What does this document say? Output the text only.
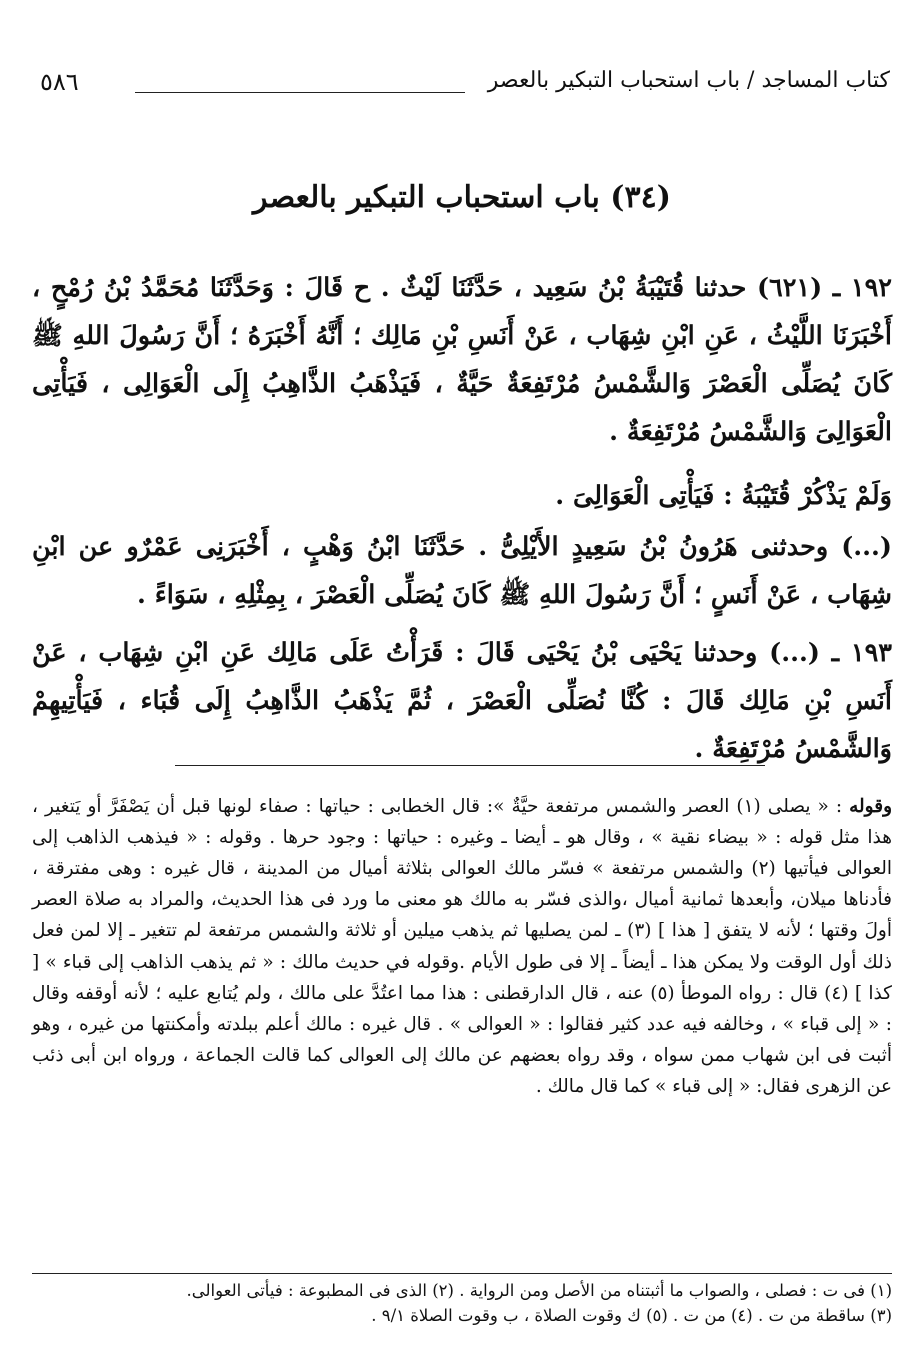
٥٨٦	كتاب المساجد / باب استحباب التبكير بالعصر
(٣٤) باب استحباب التبكير بالعصر

١٩٢ ـ (٦٢١) حدثنا قُتَيْبَةُ بْنُ سَعِيد ، حَدَّثَنَا لَيْثٌ . ح قَالَ : وَحَدَّثَنَا مُحَمَّدُ بْنُ رُمْحٍ ، أَخْبَرَنَا اللَّيْثُ ، عَنِ ابْنِ شِهَاب ، عَنْ أَنَسِ بْنِ مَالِك ؛ أَنَّهُ أَخْبَرَهُ ؛ أَنَّ رَسُولَ اللهِ ﷺ كَانَ يُصَلِّى الْعَصْرَ وَالشَّمْسُ مُرْتَفِعَةٌ حَيَّةٌ ، فَيَذْهَبُ الذَّاهِبُ إِلَى الْعَوَالِى ، فَيَأْتِى الْعَوَالِىَ وَالشَّمْسُ مُرْتَفِعَةٌ .

وَلَمْ يَذْكُرْ قُتَيْبَةُ : فَيَأْتِى الْعَوَالِىَ .

(...) وحدثنى هَرُونُ بْنُ سَعِيدٍ الأَيْلِىُّ . حَدَّثَنَا ابْنُ وَهْبٍ ، أَخْبَرَنِى عَمْرٌو عن ابْنِ شِهَاب ، عَنْ أَنَسٍ ؛ أَنَّ رَسُولَ اللهِ ﷺ كَانَ يُصَلِّى الْعَصْرَ ، بِمِثْلِهِ ، سَوَاءً .

١٩٣ ـ (...) وحدثنا يَحْيَى بْنُ يَحْيَى قَالَ : قَرَأْتُ عَلَى مَالِك عَنِ ابْنِ شِهَاب ، عَنْ أَنَسِ بْنِ مَالِك قَالَ : كُنَّا نُصَلِّى الْعَصْرَ ، ثُمَّ يَذْهَبُ الذَّاهِبُ إِلَى قُبَاء ، فَيَأْتِيهِمْ وَالشَّمْسُ مُرْتَفِعَةٌ .

وقوله : « يصلى (١) العصر والشمس مرتفعة حيَّةٌ »: قال الخطابى : حياتها : صفاء لونها قبل أن يَصْفَرَّ أو يَتغير ، هذا مثل قوله : « بيضاء نقية » ، وقال هو ـ أيضا ـ وغيره : حياتها : وجود حرها . وقوله : « فيذهب الذاهب إلى العوالى فيأتيها (٢) والشمس مرتفعة » فسّر مالك العوالى بثلاثة أميال من المدينة ، قال غيره : وهى مفترقة ، فأدناها ميلان، وأبعدها ثمانية أميال ،والذى فسّر به مالك هو معنى ما ورد فى هذا الحديث، والمراد به صلاة العصر أولَ وقتها ؛ لأنه لا يتفق [ هذا ] (٣) ـ لمن يصليها ثم يذهب ميلين أو ثلاثة والشمس مرتفعة لم تتغير ـ إلا لمن فعل ذلك أول الوقت ولا يمكن هذا ـ أيضاً ـ إلا فى طول الأيام .وقوله في حديث مالك : « ثم يذهب الذاهب إلى قباء » [ كذا ] (٤) قال : رواه الموطأ (٥) عنه ، قال الدارقطنى : هذا مما اعتُدَّ على مالك ، ولم يُتابع عليه ؛ لأنه أوقفه وقال : « إلى قباء » ، وخالفه فيه عدد كثير فقالوا : « العوالى » . قال غيره : مالك أعلم ببلدته وأمكنتها من غيره ، وهو أثبت فى ابن شهاب ممن سواه ، وقد رواه بعضهم عن مالك إلى العوالى كما قالت الجماعة ، ورواه ابن أبى ذئب عن الزهرى فقال: « إلى قباء » كما قال مالك .

(١) فى ت : فصلى ، والصواب ما أثبتناه من الأصل ومن الرواية . (٢) الذى فى المطبوعة : فيأتى العوالى.
(٣) ساقطة من ت . (٤) من ت . (٥) ك وقوت الصلاة ، ب وقوت الصلاة ٩/١ .
